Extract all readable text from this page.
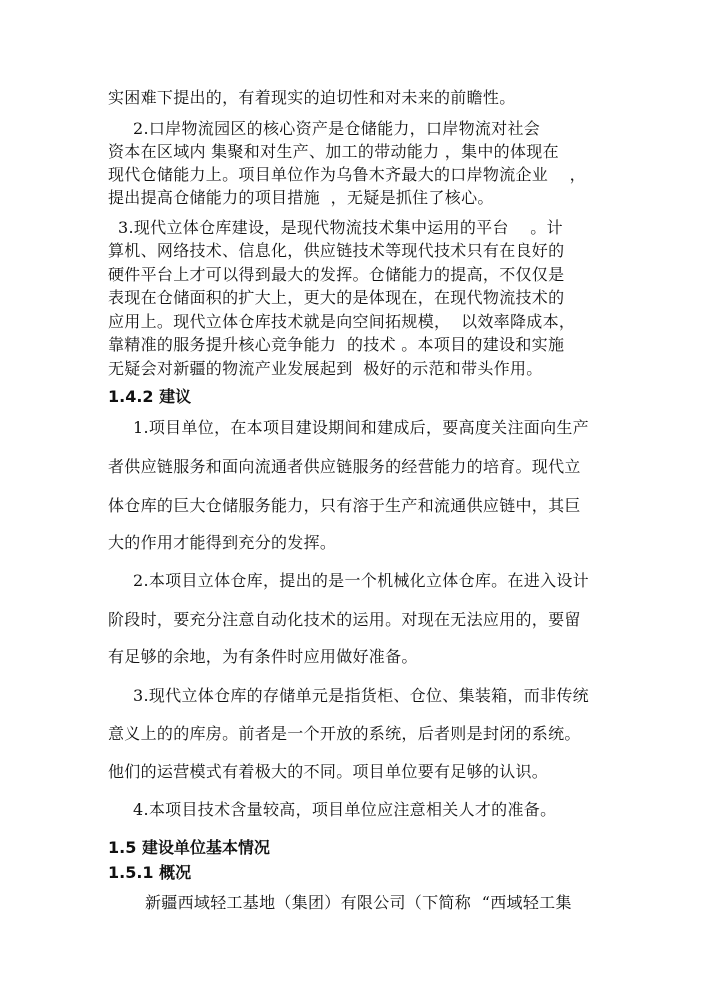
实困难下提出的，有着现实的迫切性和对未来的前瞻性。
2.口岸物流园区的核心资产是仓储能力，口岸物流对社会
资本在区域内 集聚和对生产、加工的带动能力 ，集中的体现在
现代仓储能力上。项目单位作为乌鲁木齐最大的口岸物流企业    ，
提出提高仓储能力的项目措施  ，无疑是抓住了核心。
3.现代立体仓库建设，是现代物流技术集中运用的平台    。计
算机、网络技术、信息化，供应链技术等现代技术只有在良好的
硬件平台上才可以得到最大的发挥。仓储能力的提高，不仅仅是
表现在仓储面积的扩大上，更大的是体现在，在现代物流技术的
应用上。现代立体仓库技术就是向空间拓规模，  以效率降成本，
靠精准的服务提升核心竞争能力  的技术 。本项目的建设和实施
无疑会对新疆的物流产业发展起到  极好的示范和带头作用。
1.4.2 建议
1.项目单位，在本项目建设期间和建成后，要高度关注面向生产
者供应链服务和面向流通者供应链服务的经营能力的培育。现代立
体仓库的巨大仓储服务能力，只有溶于生产和流通供应链中，其巨
大的作用才能得到充分的发挥。
2.本项目立体仓库，提出的是一个机械化立体仓库。在进入设计
阶段时，要充分注意自动化技术的运用。对现在无法应用的，要留
有足够的余地，为有条件时应用做好准备。
3.现代立体仓库的存储单元是指货柜、仓位、集装箱，而非传统
意义上的的库房。前者是一个开放的系统，后者则是封闭的系统。
他们的运营模式有着极大的不同。项目单位要有足够的认识。
4.本项目技术含量较高，项目单位应注意相关人才的准备。
1.5 建设单位基本情况
1.5.1 概况
新疆西域轻工基地（集团）有限公司（下简称  “西域轻工集
